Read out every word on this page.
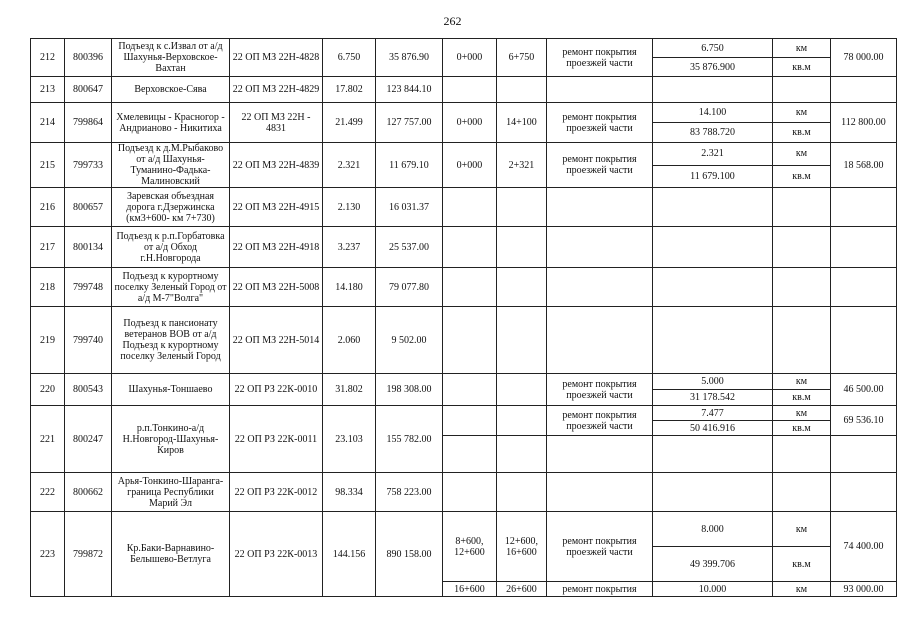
262
212	800396	Подъезд к с.Извал от а/д Шахунья-Верховское-Вахтан	22 ОП МЗ 22Н-4828	6.750	35 876.90	0+000	6+750	ремонт покрытия проезжей части	6.750	км	78 000.00
									35 876.900	кв.м	
213	800647	Верховское-Сява	22 ОП МЗ 22Н-4829	17.802	123 844.10						
214	799864	Хмелевицы - Красногор - Андрианово - Никитиха	22 ОП МЗ 22Н - 4831	21.499	127 757.00	0+000	14+100	ремонт покрытия проезжей части	14.100	км	112 800.00
									83 788.720	кв.м	
215	799733	Подъезд к д.М.Рыбаково от а/д Шахунья-Туманино-Фадька-Малиновский	22 ОП МЗ 22Н-4839	2.321	11 679.10	0+000	2+321	ремонт покрытия проезжей части	2.321	км	18 568.00
									11 679.100	кв.м	
216	800657	Заревская объездная дорога г.Дзержинска (км3+600- км 7+730)	22 ОП МЗ 22Н-4915	2.130	16 031.37						
217	800134	Подъезд к р.п.Горбатовка от а/д Обход г.Н.Новгорода	22 ОП МЗ 22Н-4918	3.237	25 537.00						
218	799748	Подъезд к курортному поселку Зеленый Город от а/д М-7"Волга"	22 ОП МЗ 22Н-5008	14.180	79 077.80						
219	799740	Подъезд к пансионату ветеранов ВОВ от а/д Подъезд к курортному поселку Зеленый Город	22 ОП МЗ 22Н-5014	2.060	9 502.00						
220	800543	Шахунья-Тоншаево	22 ОП РЗ 22К-0010	31.802	198 308.00			ремонт покрытия проезжей части	5.000	км	46 500.00
									31 178.542	кв.м	
221	800247	р.п.Тонкино-а/д Н.Новгород-Шахунья-Киров	22 ОП РЗ 22К-0011	23.103	155 782.00			ремонт покрытия проезжей части	7.477	км	69 536.10
									50 416.916	кв.м	

222	800662	Арья-Тонкино-Шаранга-граница Республики Марий Эл	22 ОП РЗ 22К-0012	98.334	758 223.00						
223	799872	Кр.Баки-Варнавино-Белышево-Ветлуга	22 ОП РЗ 22К-0013	144.156	890 158.00	8+600, 12+600	12+600, 16+600	ремонт покрытия проезжей части	8.000	км	74 400.00
									49 399.706	кв.м	
						16+600	26+600	ремонт покрытия	10.000	км	93 000.00
